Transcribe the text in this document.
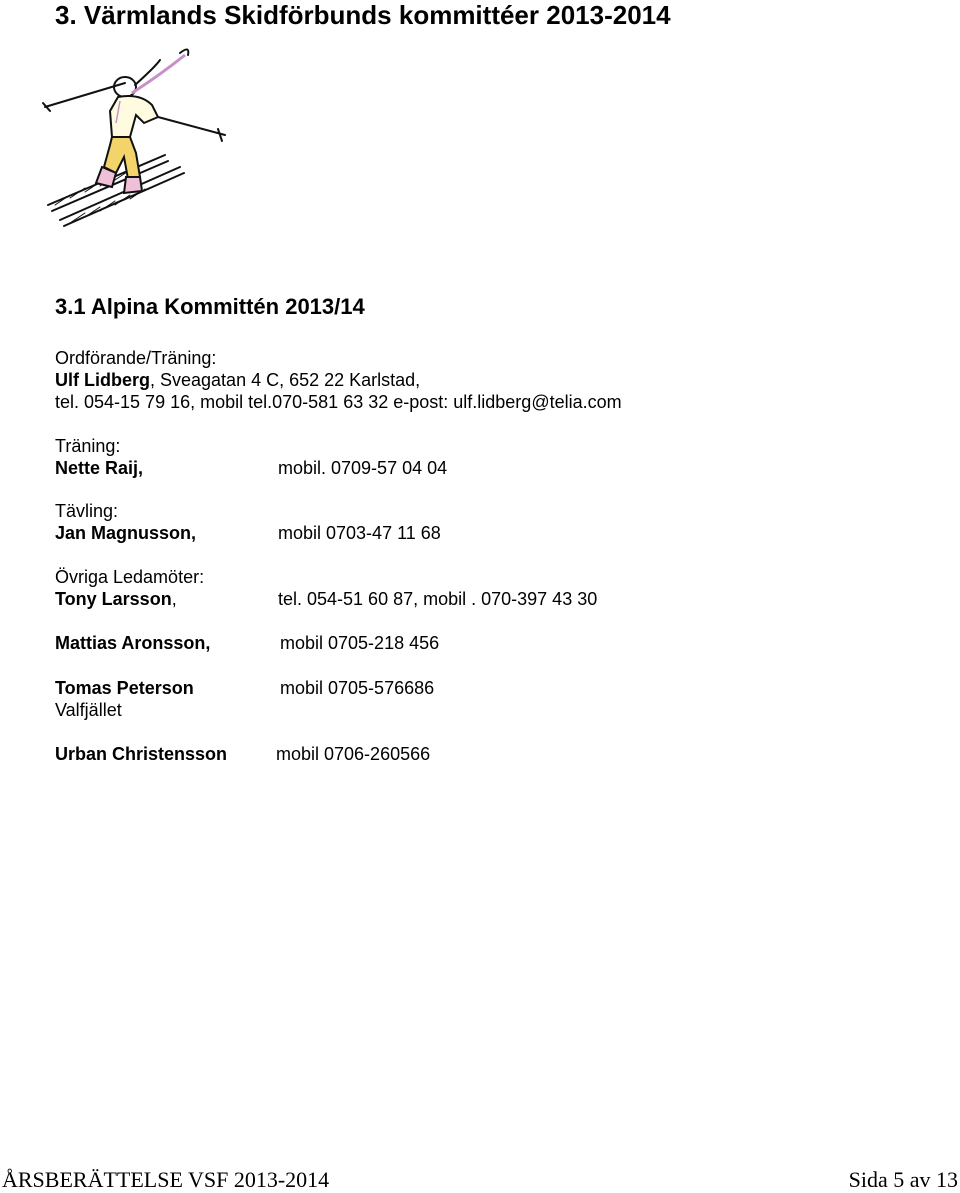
3. Värmlands Skidförbunds kommittéer 2013-2014
3.1 Alpina Kommittén 2013/14
Ordförande/Träning:
Ulf Lidberg, Sveagatan 4 C, 652 22 Karlstad,
tel. 054-15 79 16, mobil tel.070-581 63 32 e-post: ulf.lidberg@telia.com
Träning:
Nette Raij,	mobil. 0709-57 04 04
Tävling:
Jan Magnusson,	mobil 0703-47 11 68
Övriga Ledamöter:
Tony Larsson,	tel. 054-51 60 87, mobil . 070-397 43 30
Mattias Aronsson,	mobil 0705-218 456
Tomas Peterson	mobil 0705-576686
Valfjället
Urban Christensson	mobil 0706-260566
ÅRSBERÄTTELSE VSF 2013-2014	Sida 5 av 13
